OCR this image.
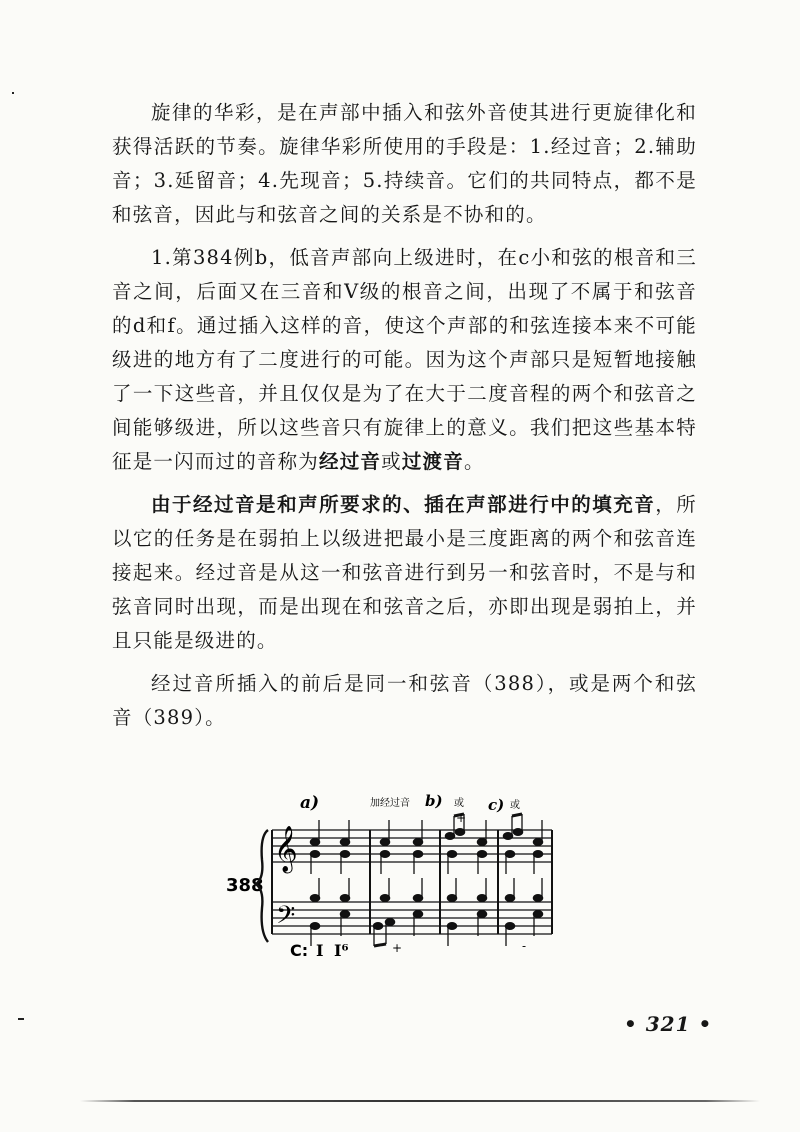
旋律的华彩，是在声部中插入和弦外音使其进行更旋律化和获得活跃的节奏。旋律华彩所使用的手段是：1.经过音；2.辅助音；3.延留音；4.先现音；5.持续音。它们的共同特点，都不是和弦音，因此与和弦音之间的关系是不协和的。

1.第384例b，低音声部向上级进时，在c小和弦的根音和三音之间，后面又在三音和Ⅴ级的根音之间，出现了不属于和弦音的d和f。通过插入这样的音，使这个声部的和弦连接本来不可能级进的地方有了二度进行的可能。因为这个声部只是短暂地接触了一下这些音，并且仅仅是为了在大于二度音程的两个和弦音之间能够级进，所以这些音只有旋律上的意义。我们把这些基本特征是一闪而过的音称为经过音或过渡音。

由于经过音是和声所要求的、插在声部进行中的填充音，所以它的任务是在弱拍上以级进把最小是三度距离的两个和弦音连接起来。经过音是从这一和弦音进行到另一和弦音时，不是与和弦音同时出现，而是出现在和弦音之后，亦即出现是弱拍上，并且只能是级进的。

经过音所插入的前后是同一和弦音（388），或是两个和弦音（389）。

a)	加经过音 b) 或 c) 或
388
𝄞
𝄢
+
C: I I⁶	+	-
• 321 •
